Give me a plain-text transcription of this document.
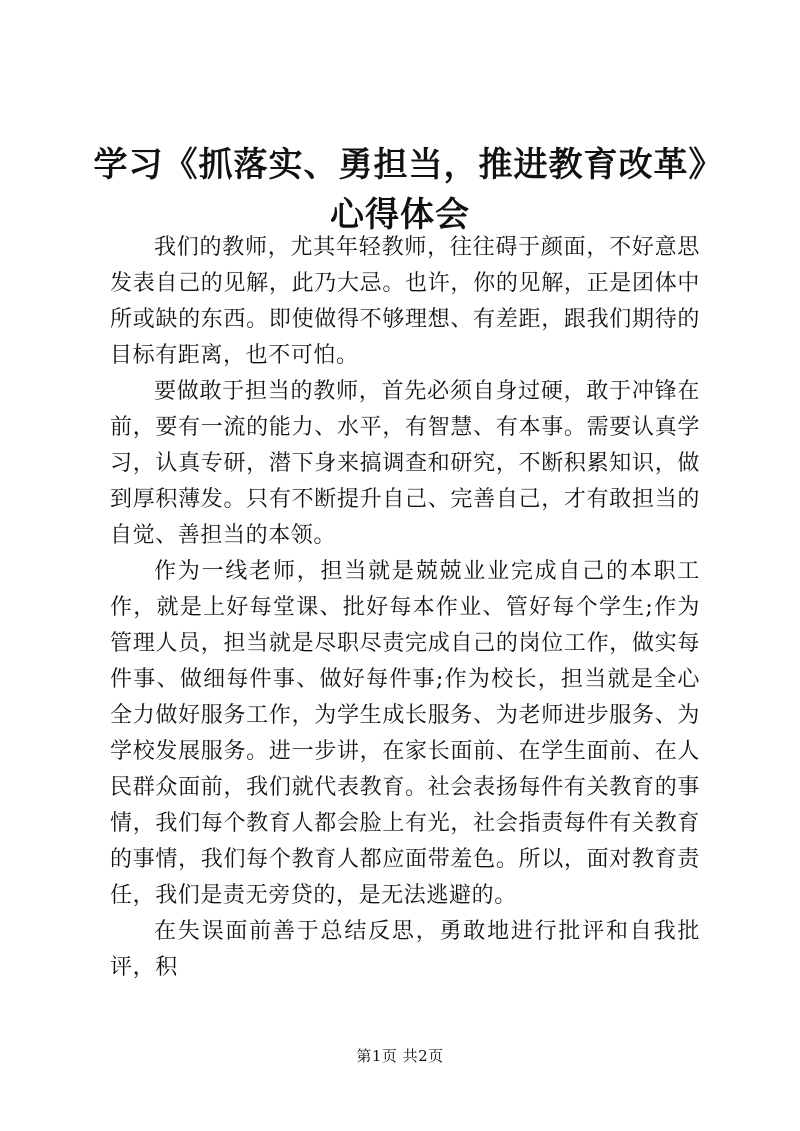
学习《抓落实、勇担当，推进教育改革》心得体会

我们的教师，尤其年轻教师，往往碍于颜面，不好意思发表自己的见解，此乃大忌。也许，你的见解，正是团体中所或缺的东西。即使做得不够理想、有差距，跟我们期待的目标有距离，也不可怕。

要做敢于担当的教师，首先必须自身过硬，敢于冲锋在前，要有一流的能力、水平，有智慧、有本事。需要认真学习，认真专研，潜下身来搞调查和研究，不断积累知识，做到厚积薄发。只有不断提升自己、完善自己，才有敢担当的自觉、善担当的本领。

作为一线老师，担当就是兢兢业业完成自己的本职工作，就是上好每堂课、批好每本作业、管好每个学生;作为管理人员，担当就是尽职尽责完成自己的岗位工作，做实每件事、做细每件事、做好每件事;作为校长，担当就是全心全力做好服务工作，为学生成长服务、为老师进步服务、为学校发展服务。进一步讲，在家长面前、在学生面前、在人民群众面前，我们就代表教育。社会表扬每件有关教育的事情，我们每个教育人都会脸上有光，社会指责每件有关教育的事情，我们每个教育人都应面带羞色。所以，面对教育责任，我们是责无旁贷的，是无法逃避的。

在失误面前善于总结反思，勇敢地进行批评和自我批评，积

第1页 共2页
